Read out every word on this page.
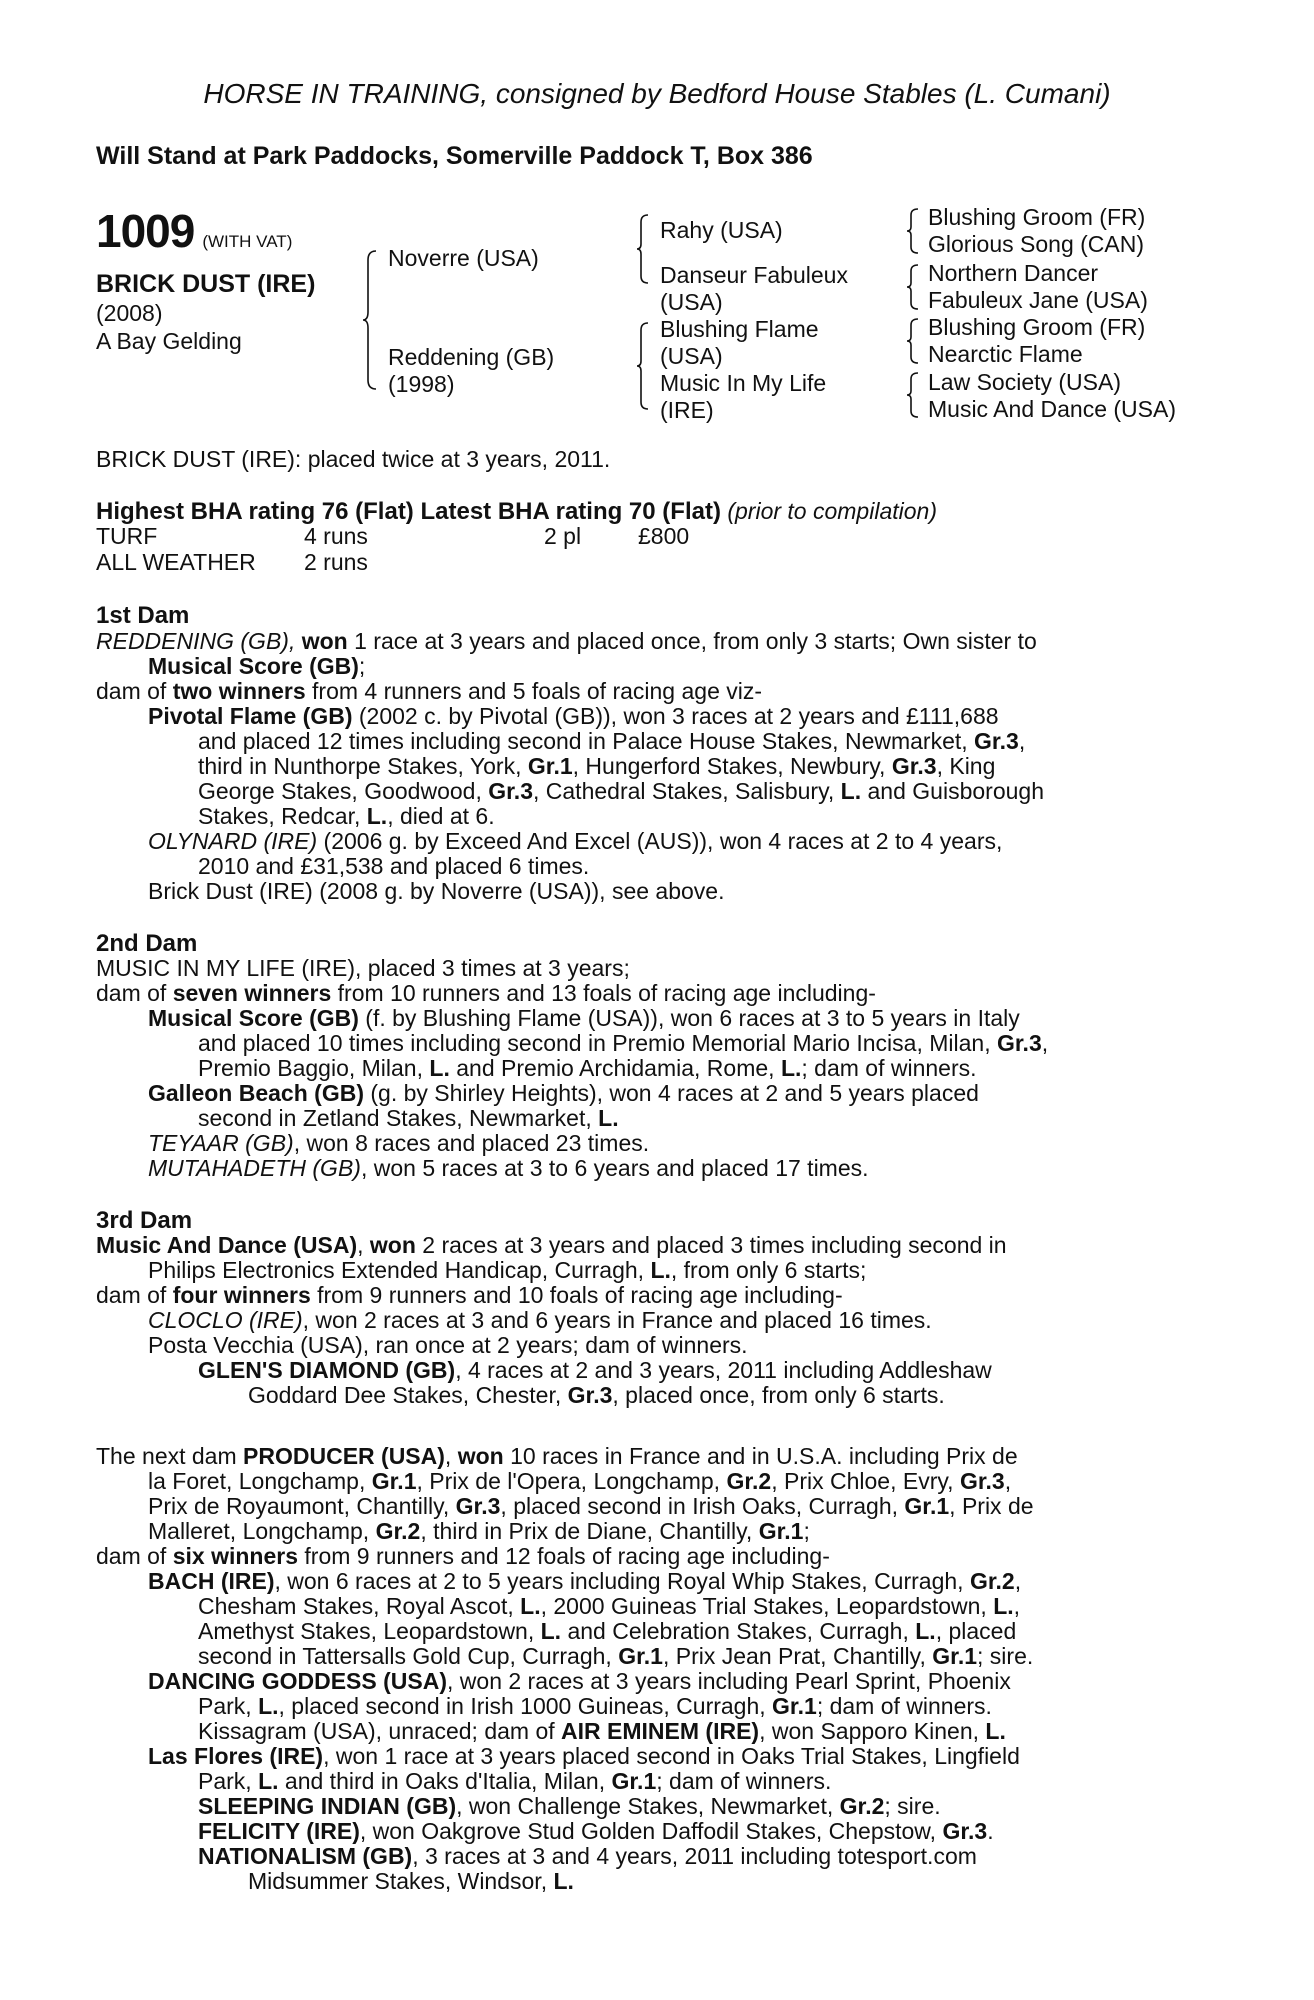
HORSE IN TRAINING, consigned by Bedford House Stables (L. Cumani)
Will Stand at Park Paddocks, Somerville Paddock T, Box 386
1009 (WITH VAT)
BRICK DUST (IRE)
(2008)
A Bay Gelding
Noverre (USA)
Reddening (GB)
(1998)
Rahy (USA)
Danseur Fabuleux
(USA)
Blushing Flame
(USA)
Music In My Life
(IRE)
Blushing Groom (FR)
Glorious Song (CAN)
Northern Dancer
Fabuleux Jane (USA)
Blushing Groom (FR)
Nearctic Flame
Law Society (USA)
Music And Dance (USA)
BRICK DUST (IRE): placed twice at 3 years, 2011.
Highest BHA rating 76 (Flat) Latest BHA rating 70 (Flat) (prior to compilation)
TURF	4 runs	2 pl £800
ALL WEATHER 2 runs
1st Dam
REDDENING (GB), won 1 race at 3 years and placed once, from only 3 starts; Own sister to
Musical Score (GB);
dam of two winners from 4 runners and 5 foals of racing age viz-
Pivotal Flame (GB) (2002 c. by Pivotal (GB)), won 3 races at 2 years and £111,688
and placed 12 times including second in Palace House Stakes, Newmarket, Gr.3,
third in Nunthorpe Stakes, York, Gr.1, Hungerford Stakes, Newbury, Gr.3, King
George Stakes, Goodwood, Gr.3, Cathedral Stakes, Salisbury, L. and Guisborough
Stakes, Redcar, L., died at 6.
OLYNARD (IRE) (2006 g. by Exceed And Excel (AUS)), won 4 races at 2 to 4 years,
2010 and £31,538 and placed 6 times.
Brick Dust (IRE) (2008 g. by Noverre (USA)), see above.
2nd Dam
MUSIC IN MY LIFE (IRE), placed 3 times at 3 years;
dam of seven winners from 10 runners and 13 foals of racing age including-
Musical Score (GB) (f. by Blushing Flame (USA)), won 6 races at 3 to 5 years in Italy
and placed 10 times including second in Premio Memorial Mario Incisa, Milan, Gr.3,
Premio Baggio, Milan, L. and Premio Archidamia, Rome, L.; dam of winners.
Galleon Beach (GB) (g. by Shirley Heights), won 4 races at 2 and 5 years placed
second in Zetland Stakes, Newmarket, L.
TEYAAR (GB), won 8 races and placed 23 times.
MUTAHADETH (GB), won 5 races at 3 to 6 years and placed 17 times.
3rd Dam
Music And Dance (USA), won 2 races at 3 years and placed 3 times including second in
Philips Electronics Extended Handicap, Curragh, L., from only 6 starts;
dam of four winners from 9 runners and 10 foals of racing age including-
CLOCLO (IRE), won 2 races at 3 and 6 years in France and placed 16 times.
Posta Vecchia (USA), ran once at 2 years; dam of winners.
GLEN'S DIAMOND (GB), 4 races at 2 and 3 years, 2011 including Addleshaw
Goddard Dee Stakes, Chester, Gr.3, placed once, from only 6 starts.
The next dam PRODUCER (USA), won 10 races in France and in U.S.A. including Prix de
la Foret, Longchamp, Gr.1, Prix de l'Opera, Longchamp, Gr.2, Prix Chloe, Evry, Gr.3,
Prix de Royaumont, Chantilly, Gr.3, placed second in Irish Oaks, Curragh, Gr.1, Prix de
Malleret, Longchamp, Gr.2, third in Prix de Diane, Chantilly, Gr.1;
dam of six winners from 9 runners and 12 foals of racing age including-
BACH (IRE), won 6 races at 2 to 5 years including Royal Whip Stakes, Curragh, Gr.2,
Chesham Stakes, Royal Ascot, L., 2000 Guineas Trial Stakes, Leopardstown, L.,
Amethyst Stakes, Leopardstown, L. and Celebration Stakes, Curragh, L., placed
second in Tattersalls Gold Cup, Curragh, Gr.1, Prix Jean Prat, Chantilly, Gr.1; sire.
DANCING GODDESS (USA), won 2 races at 3 years including Pearl Sprint, Phoenix
Park, L., placed second in Irish 1000 Guineas, Curragh, Gr.1; dam of winners.
Kissagram (USA), unraced; dam of AIR EMINEM (IRE), won Sapporo Kinen, L.
Las Flores (IRE), won 1 race at 3 years placed second in Oaks Trial Stakes, Lingfield
Park, L. and third in Oaks d'Italia, Milan, Gr.1; dam of winners.
SLEEPING INDIAN (GB), won Challenge Stakes, Newmarket, Gr.2; sire.
FELICITY (IRE), won Oakgrove Stud Golden Daffodil Stakes, Chepstow, Gr.3.
NATIONALISM (GB), 3 races at 3 and 4 years, 2011 including totesport.com
Midsummer Stakes, Windsor, L.
